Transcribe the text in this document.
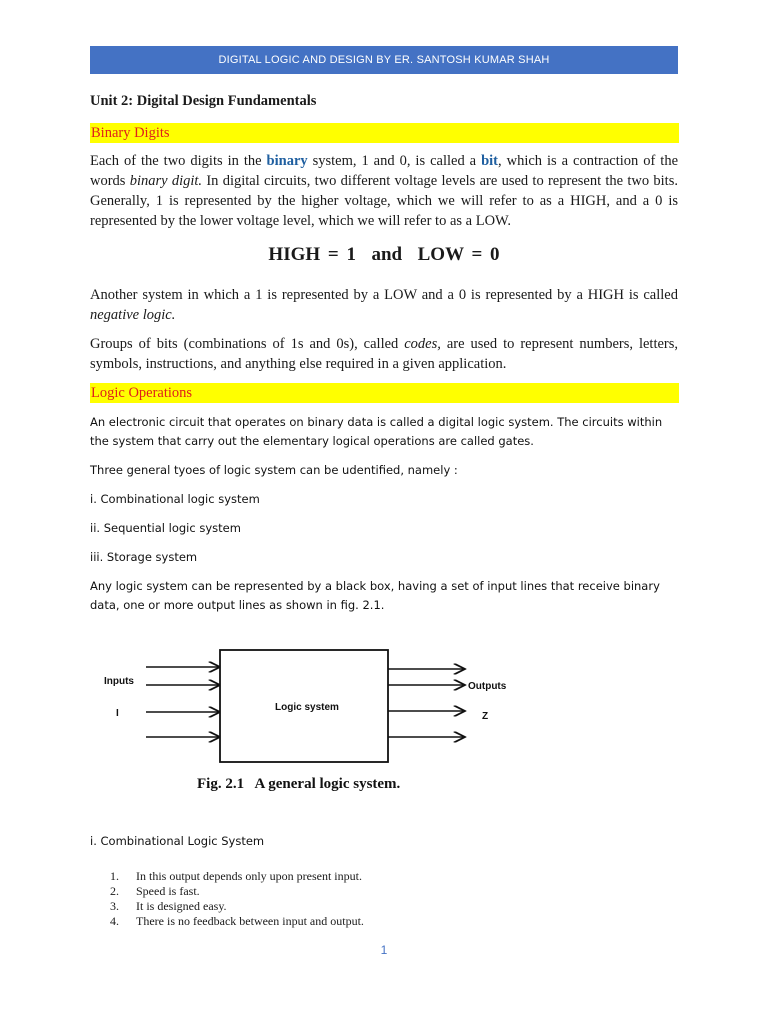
DIGITAL LOGIC AND DESIGN BY ER. SANTOSH KUMAR SHAH
Unit 2: Digital Design Fundamentals
Binary Digits
Each of the two digits in the binary system, 1 and 0, is called a bit, which is a contraction of the words binary digit. In digital circuits, two different voltage levels are used to represent the two bits. Generally, 1 is represented by the higher voltage, which we will refer to as a HIGH, and a 0 is represented by the lower voltage level, which we will refer to as a LOW.
HIGH = 1  and  LOW = 0
Another system in which a 1 is represented by a LOW and a 0 is represented by a HIGH is called negative logic.
Groups of bits (combinations of 1s and 0s), called codes, are used to represent numbers, letters, symbols, instructions, and anything else required in a given application.
Logic Operations
An electronic circuit that operates on binary data is called a digital logic system. The circuits within the system that carry out the elementary logical operations are called gates.
Three general tyoes of logic system can be udentified, namely :
i. Combinational logic system
ii. Sequential logic system
iii. Storage system
Any logic system can be represented by a black box, having a set of input lines that receive binary data, one or more output lines as shown in fig. 2.1.
Inputs
I
Logic system
Outputs
Z
Fig. 2.1   A general logic system.
i. Combinational Logic System
1.	In this output depends only upon present input.
2.	Speed is fast.
3.	It is designed easy.
4.	There is no feedback between input and output.
1
